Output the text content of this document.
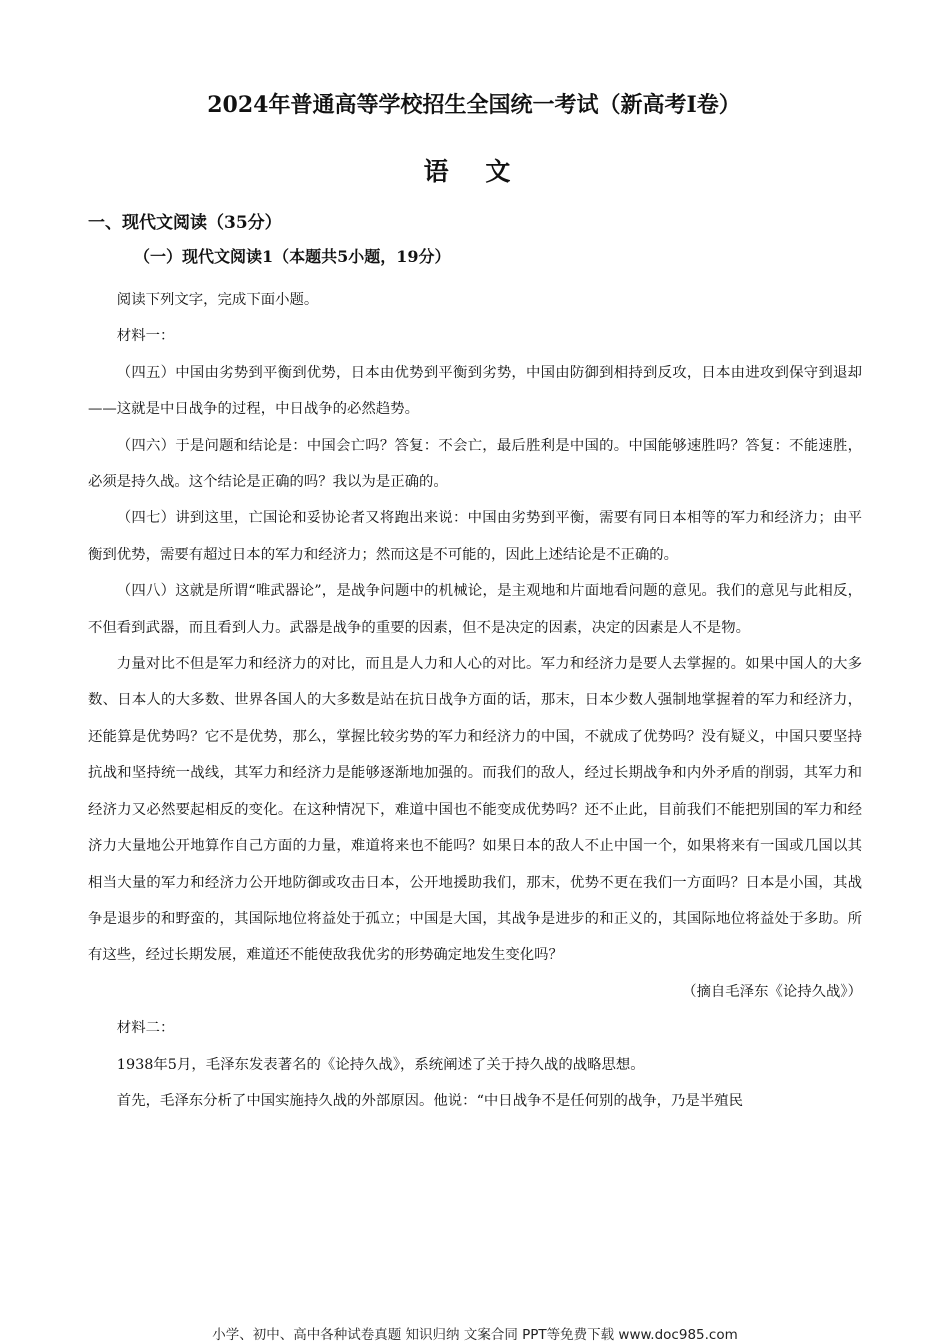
2024年普通高等学校招生全国统一考试（新高考Ⅰ卷）
语 文
一、现代文阅读（35分）
（一）现代文阅读1（本题共5小题，19分）

阅读下列文字，完成下面小题。

材料一：

（四五）中国由劣势到平衡到优势，日本由优势到平衡到劣势，中国由防御到相持到反攻，日本由进攻到保守到退却——这就是中日战争的过程，中日战争的必然趋势。

（四六）于是问题和结论是：中国会亡吗？答复：不会亡，最后胜利是中国的。中国能够速胜吗？答复：不能速胜，必须是持久战。这个结论是正确的吗？我以为是正确的。

（四七）讲到这里，亡国论和妥协论者又将跑出来说：中国由劣势到平衡，需要有同日本相等的军力和经济力；由平衡到优势，需要有超过日本的军力和经济力；然而这是不可能的，因此上述结论是不正确的。

（四八）这就是所谓“唯武器论”，是战争问题中的机械论，是主观地和片面地看问题的意见。我们的意见与此相反，不但看到武器，而且看到人力。武器是战争的重要的因素，但不是决定的因素，决定的因素是人不是物。

力量对比不但是军力和经济力的对比，而且是人力和人心的对比。军力和经济力是要人去掌握的。如果中国人的大多数、日本人的大多数、世界各国人的大多数是站在抗日战争方面的话，那末，日本少数人强制地掌握着的军力和经济力，还能算是优势吗？它不是优势，那么，掌握比较劣势的军力和经济力的中国，不就成了优势吗？没有疑义，中国只要坚持抗战和坚持统一战线，其军力和经济力是能够逐渐地加强的。而我们的敌人，经过长期战争和内外矛盾的削弱，其军力和经济力又必然要起相反的变化。在这种情况下，难道中国也不能变成优势吗？还不止此，目前我们不能把别国的军力和经济力大量地公开地算作自己方面的力量，难道将来也不能吗？如果日本的敌人不止中国一个，如果将来有一国或几国以其相当大量的军力和经济力公开地防御或攻击日本，公开地援助我们，那末，优势不更在我们一方面吗？日本是小国，其战争是退步的和野蛮的，其国际地位将益处于孤立；中国是大国，其战争是进步的和正义的，其国际地位将益处于多助。所有这些，经过长期发展，难道还不能使敌我优劣的形势确定地发生变化吗？

（摘自毛泽东《论持久战》）

材料二：

1938年5月，毛泽东发表著名的《论持久战》，系统阐述了关于持久战的战略思想。

首先，毛泽东分析了中国实施持久战的外部原因。他说：“中日战争不是任何别的战争，乃是半殖民

小学、初中、高中各种试卷真题 知识归纳 文案合同 PPT等免费下载 www.doc985.com
